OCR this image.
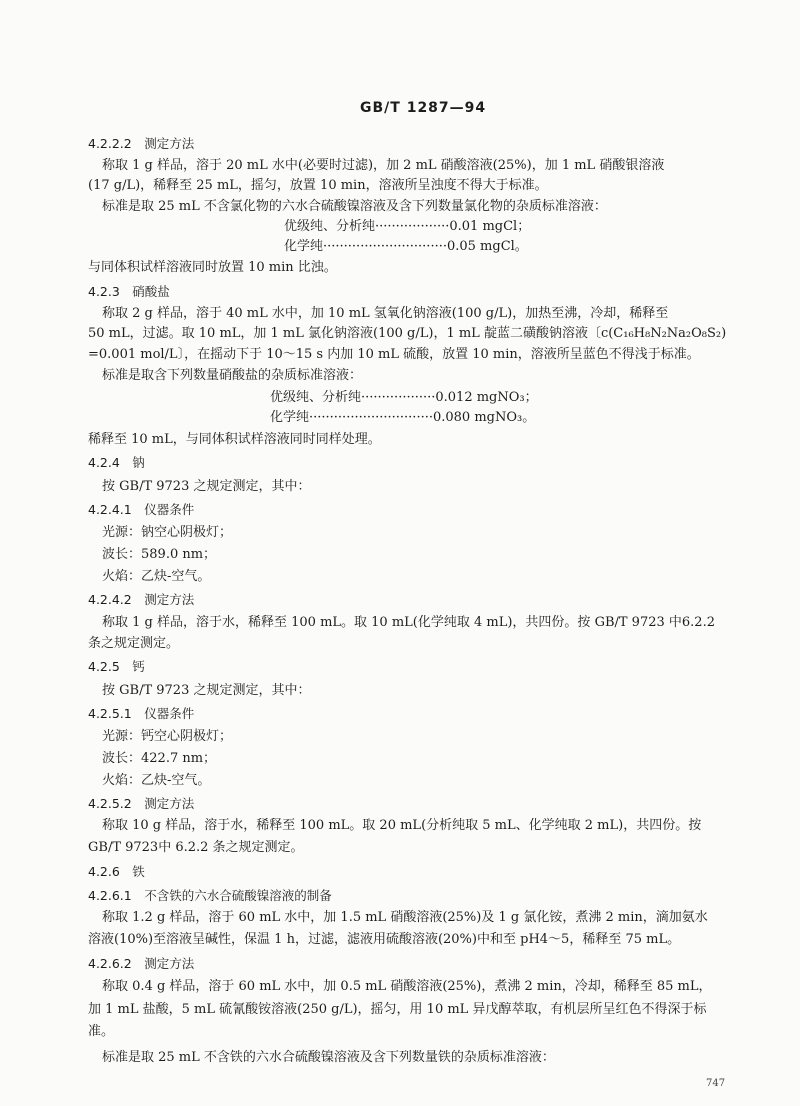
GB/T 1287—94
4.2.2.2　测定方法
称取 1 g 样品，溶于 20 mL 水中(必要时过滤)，加 2 mL 硝酸溶液(25%)，加 1 mL 硝酸银溶液
(17 g/L)，稀释至 25 mL，摇匀，放置 10 min，溶液所呈浊度不得大于标准。
标准是取 25 mL 不含氯化物的六水合硫酸镍溶液及含下列数量氯化物的杂质标准溶液：
优级纯、分析纯··················0.01 mgCl；
化学纯······························0.05 mgCl。
与同体积试样溶液同时放置 10 min 比浊。
4.2.3　硝酸盐
称取 2 g 样品，溶于 40 mL 水中，加 10 mL 氢氧化钠溶液(100 g/L)，加热至沸，冷却，稀释至
50 mL，过滤。取 10 mL，加 1 mL 氯化钠溶液(100 g/L)，1 mL 靛蓝二磺酸钠溶液〔c(C₁₆H₈N₂Na₂O₈S₂)
=0.001 mol/L〕，在摇动下于 10～15 s 内加 10 mL 硫酸，放置 10 min，溶液所呈蓝色不得浅于标准。
标准是取含下列数量硝酸盐的杂质标准溶液：
优级纯、分析纯··················0.012 mgNO₃；
化学纯······························0.080 mgNO₃。
稀释至 10 mL，与同体积试样溶液同时同样处理。
4.2.4　钠
按 GB/T 9723 之规定测定，其中：
4.2.4.1　仪器条件
光源：钠空心阴极灯；
波长：589.0 nm；
火焰：乙炔-空气。
4.2.4.2　测定方法
称取 1 g 样品，溶于水，稀释至 100 mL。取 10 mL(化学纯取 4 mL)，共四份。按 GB/T 9723 中6.2.2
条之规定测定。
4.2.5　钙
按 GB/T 9723 之规定测定，其中：
4.2.5.1　仪器条件
光源：钙空心阴极灯；
波长：422.7 nm；
火焰：乙炔-空气。
4.2.5.2　测定方法
称取 10 g 样品，溶于水，稀释至 100 mL。取 20 mL(分析纯取 5 mL、化学纯取 2 mL)，共四份。按
GB/T 9723中 6.2.2 条之规定测定。
4.2.6　铁
4.2.6.1　不含铁的六水合硫酸镍溶液的制备
称取 1.2 g 样品，溶于 60 mL 水中，加 1.5 mL 硝酸溶液(25%)及 1 g 氯化铵，煮沸 2 min，滴加氨水
溶液(10%)至溶液呈碱性，保温 1 h，过滤，滤液用硫酸溶液(20%)中和至 pH4～5，稀释至 75 mL。
4.2.6.2　测定方法
称取 0.4 g 样品，溶于 60 mL 水中，加 0.5 mL 硝酸溶液(25%)，煮沸 2 min，冷却，稀释至 85 mL，
加 1 mL 盐酸，5 mL 硫氰酸铵溶液(250 g/L)，摇匀，用 10 mL 异戊醇萃取，有机层所呈红色不得深于标
准。
标准是取 25 mL 不含铁的六水合硫酸镍溶液及含下列数量铁的杂质标准溶液：
747
